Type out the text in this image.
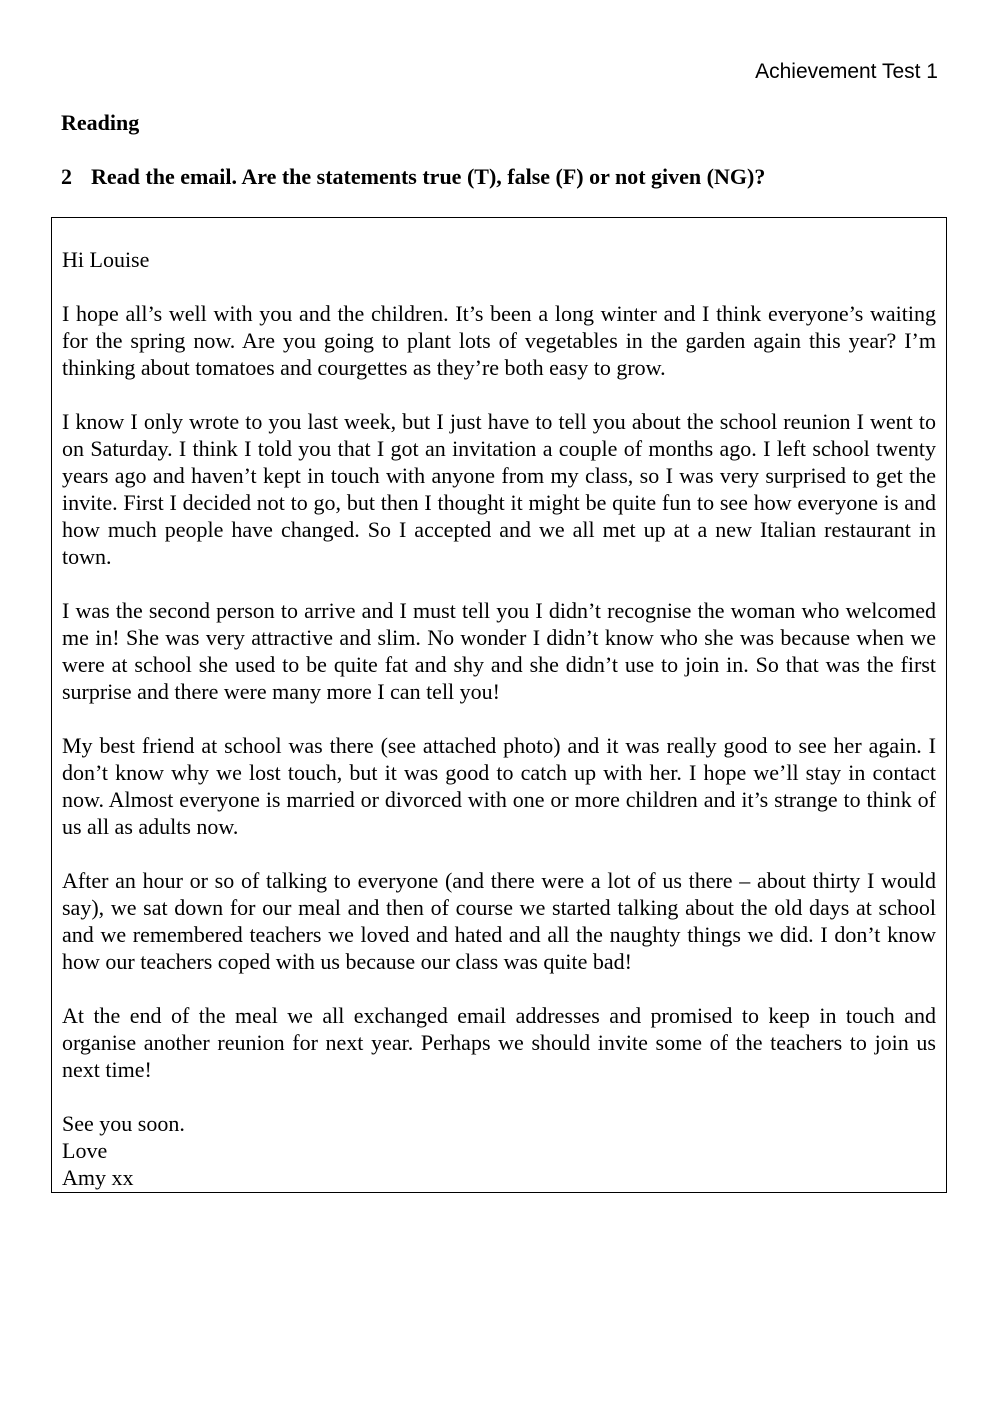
Achievement Test 1
Reading
2 Read the email. Are the statements true (T), false (F) or not given (NG)?

Hi Louise

I hope all’s well with you and the children. It’s been a long winter and I think everyone’s waiting for the spring now. Are you going to plant lots of vegetables in the garden again this year? I’m thinking about tomatoes and courgettes as they’re both easy to grow.

I know I only wrote to you last week, but I just have to tell you about the school reunion I went to on Saturday. I think I told you that I got an invitation a couple of months ago. I left school twenty years ago and haven’t kept in touch with anyone from my class, so I was very surprised to get the invite. First I decided not to go, but then I thought it might be quite fun to see how everyone is and how much people have changed. So I accepted and we all met up at a new Italian restaurant in town.

I was the second person to arrive and I must tell you I didn’t recognise the woman who welcomed me in! She was very attractive and slim. No wonder I didn’t know who she was because when we were at school she used to be quite fat and shy and she didn’t use to join in. So that was the first surprise and there were many more I can tell you!

My best friend at school was there (see attached photo) and it was really good to see her again. I don’t know why we lost touch, but it was good to catch up with her. I hope we’ll stay in contact now. Almost everyone is married or divorced with one or more children and it’s strange to think of us all as adults now.

After an hour or so of talking to everyone (and there were a lot of us there – about thirty I would say), we sat down for our meal and then of course we started talking about the old days at school and we remembered teachers we loved and hated and all the naughty things we did. I don’t know how our teachers coped with us because our class was quite bad!

At the end of the meal we all exchanged email addresses and promised to keep in touch and organise another reunion for next year. Perhaps we should invite some of the teachers to join us next time!

See you soon.
Love
Amy xx
